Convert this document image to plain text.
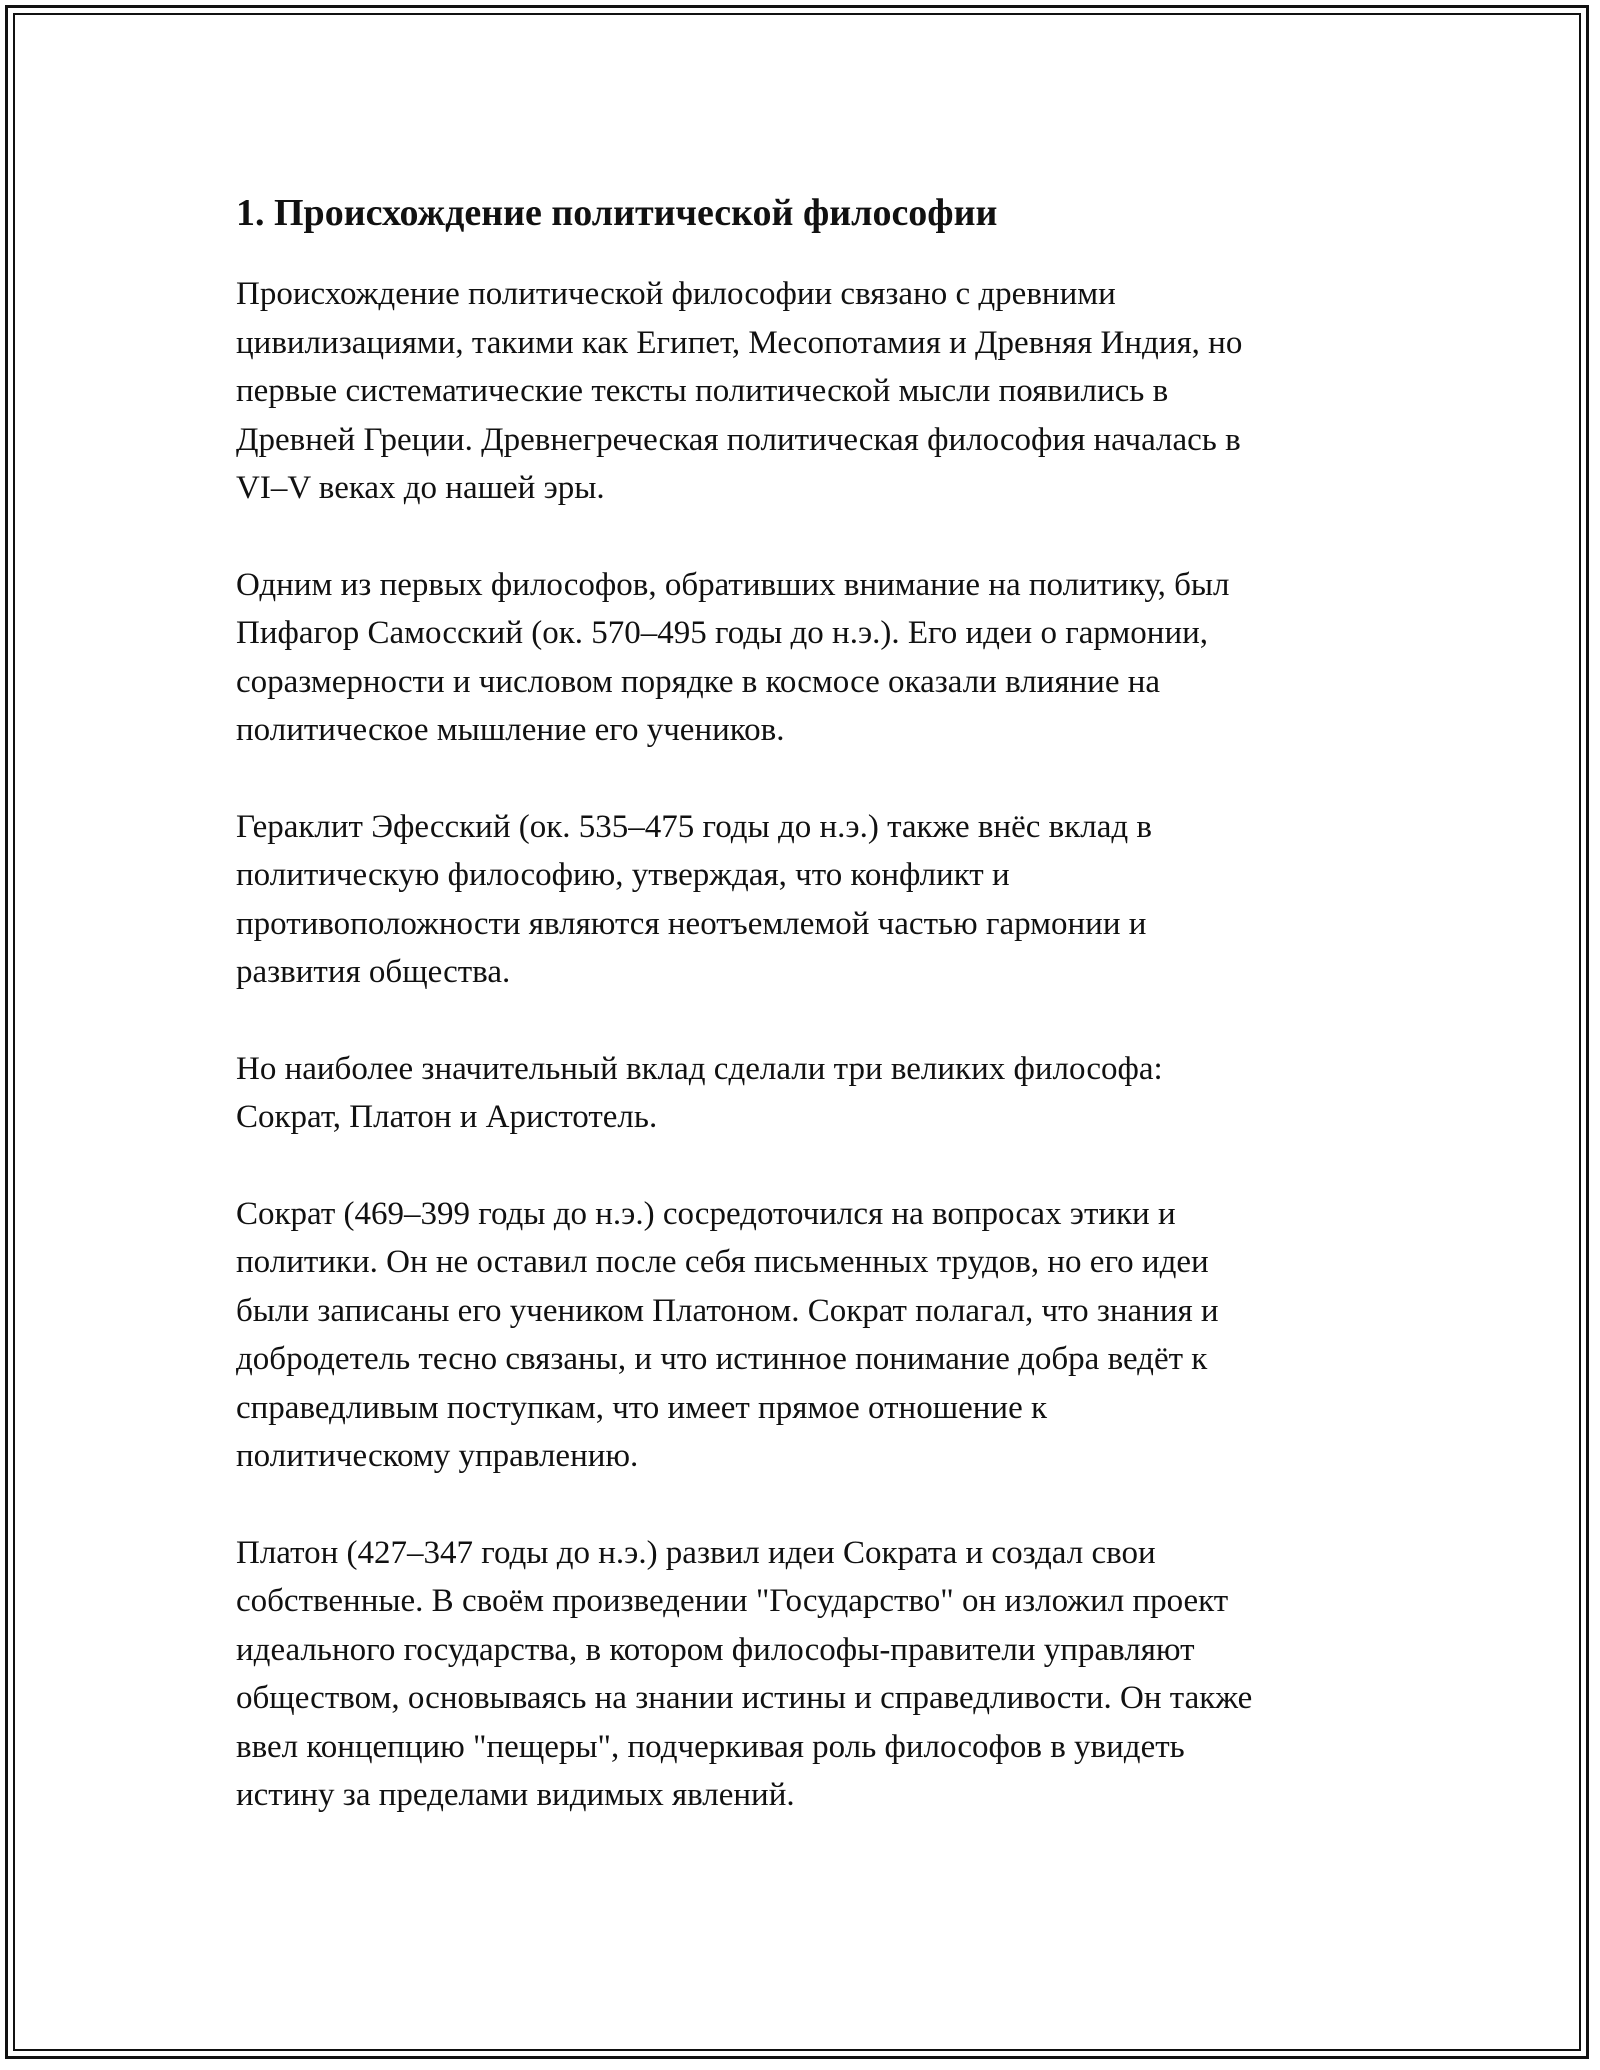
1. Происхождение политической философии

Происхождение политической философии связано с древними
цивилизациями, такими как Египет, Месопотамия и Древняя Индия, но
первые систематические тексты политической мысли появились в
Древней Греции. Древнегреческая политическая философия началась в
VI–V веках до нашей эры.

Одним из первых философов, обративших внимание на политику, был
Пифагор Самосский (ок. 570–495 годы до н.э.). Его идеи о гармонии,
соразмерности и числовом порядке в космосе оказали влияние на
политическое мышление его учеников.

Гераклит Эфесский (ок. 535–475 годы до н.э.) также внёс вклад в
политическую философию, утверждая, что конфликт и
противоположности являются неотъемлемой частью гармонии и
развития общества.

Но наиболее значительный вклад сделали три великих философа:
Сократ, Платон и Аристотель.

Сократ (469–399 годы до н.э.) сосредоточился на вопросах этики и
политики. Он не оставил после себя письменных трудов, но его идеи
были записаны его учеником Платоном. Сократ полагал, что знания и
добродетель тесно связаны, и что истинное понимание добра ведёт к
справедливым поступкам, что имеет прямое отношение к
политическому управлению.

Платон (427–347 годы до н.э.) развил идеи Сократа и создал свои
собственные. В своём произведении "Государство" он изложил проект
идеального государства, в котором философы-правители управляют
обществом, основываясь на знании истины и справедливости. Он также
ввел концепцию "пещеры", подчеркивая роль философов в увидеть
истину за пределами видимых явлений.
